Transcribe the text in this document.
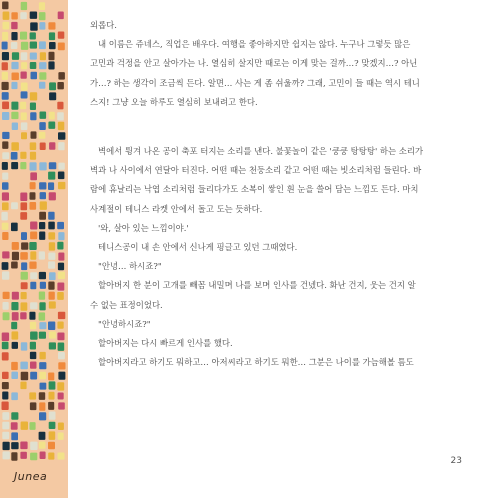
Junea

외롭다.

내 이름은 쥬네스, 직업은 배우다. 여행을 좋아하지만 쉽지는 않다. 누구나 그렇듯 많은

고민과 걱정을 안고 살아가는 나. 열심히 살지만 때로는 이게 맞는 걸까…? 맞겠지…? 아닌

가…? 하는 생각이 조금씩 든다. 알면… 사는 게 좀 쉬울까? 그래, 고민이 들 때는 역시 테니

스지! 그냥 오늘 하루도 열심히 보내려고 한다.

벽에서 튕겨 나온 공이 축포 터지는 소리를 낸다. 불꽃놀이 같은 '쿵쿵 탕탕탕' 하는 소리가

벽과 나 사이에서 연달아 터진다. 어떤 때는 천둥소리 같고 어떤 때는 빗소리처럼 들린다. 바

람에 휴날리는 낙엽 소리처럼 들리다가도 소복이 쌓인 흰 눈을 쓸어 담는 느낌도 든다. 마치

사계절이 테니스 라켓 안에서 돌고 도는 듯하다.

'와, 살아 있는 느낌이야.'

테니스공이 내 손 안에서 신나게 핑글고 있던 그때였다.

"안녕… 하시죠?"

할아버지 한 분이 고개를 빼꼼 내밀며 나를 보며 인사를 건넸다. 화난 건지, 웃는 건지 알

수 없는 표정이었다.

"안녕하시죠?"

할아버지는 다시 빠르게 인사를 했다.

할아버지라고 하기도 뭐하고… 아저씨라고 하기도 뭐한… 그분은 나이를 가늠해볼 틈도

23
